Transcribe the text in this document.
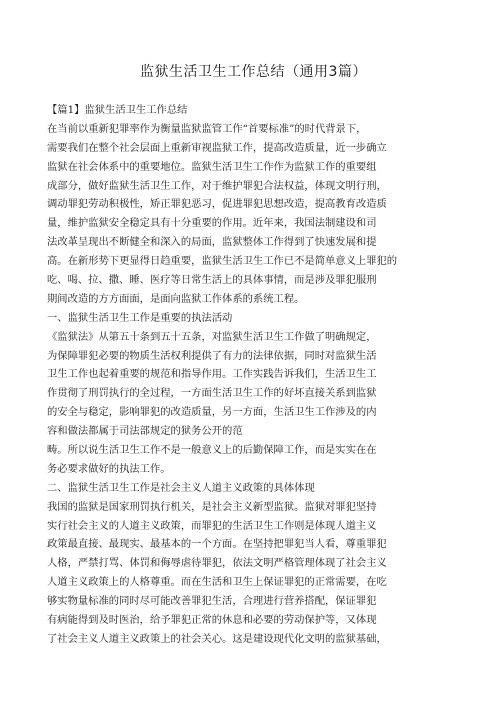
监狱生活卫生工作总结（通用3篇）
【篇1】监狱生活卫生工作总结
在当前以重新犯罪率作为衡量监狱监管工作“首要标准”的时代背景下，
需要我们在整个社会层面上重新审视监狱工作，提高改造质量，近一步确立
监狱在社会体系中的重要地位。监狱生活卫生工作作为监狱工作的重要组
成部分，做好监狱生活卫生工作，对于维护罪犯合法权益，体现文明行刑，
调动罪犯劳动积极性，矫正罪犯恶习，促进罪犯思想改造，提高教育改造质
量，维护监狱安全稳定具有十分重要的作用。近年来，我国法制建设和司
法改革呈现出不断健全和深入的局面，监狱整体工作得到了快速发展和提
高。在新形势下更显得日趋重要，监狱生活卫生工作已不是简单意义上罪犯的
吃、喝、拉、撒、睡、医疗等日常生活上的具体事情，而是涉及罪犯服刑
期间改造的方方面面，是面向监狱工作体系的系统工程。
一、监狱生活卫生工作是重要的执法活动
《监狱法》从第五十条到五十五条，对监狱生活卫生工作做了明确规定，
为保障罪犯必要的物质生活权利提供了有力的法律依据，同时对监狱生活
卫生工作也起着重要的规范和指导作用。工作实践告诉我们，生活卫生工
作贯彻了刑罚执行的全过程，一方面生活卫生工作的好坏直接关系到监狱
的安全与稳定，影响罪犯的改造质量，另一方面，生活卫生工作涉及的内
容和做法都属于司法部规定的狱务公开的范
畴。所以说生活卫生工作不是一般意义上的后勤保障工作，而是实实在在
务必要求做好的执法工作。
二、监狱生活卫生工作是社会主义人道主义政策的具体体现
我国的监狱是国家刑罚执行机关，是社会主义新型监狱。监狱对罪犯坚持
实行社会主义的人道主义政策，而罪犯的生活卫生工作则是体现人道主义
政策最直接、最现实、最基本的一个方面。在坚持把罪犯当人看，尊重罪犯
人格，严禁打骂、体罚和侮辱虐待罪犯，依法文明严格管理体现了社会主义
人道主义政策上的人格尊重。而在生活和卫生上保证罪犯的正常需要，在吃
够实物量标准的同时尽可能改善罪犯生活，合理进行营养搭配，保证罪犯
有病能得到及时医治，给予罪犯正常的休息和必要的劳动保护等，又体现
了社会主义人道主义政策上的社会关心。这是建设现代化文明的监狱基础，
